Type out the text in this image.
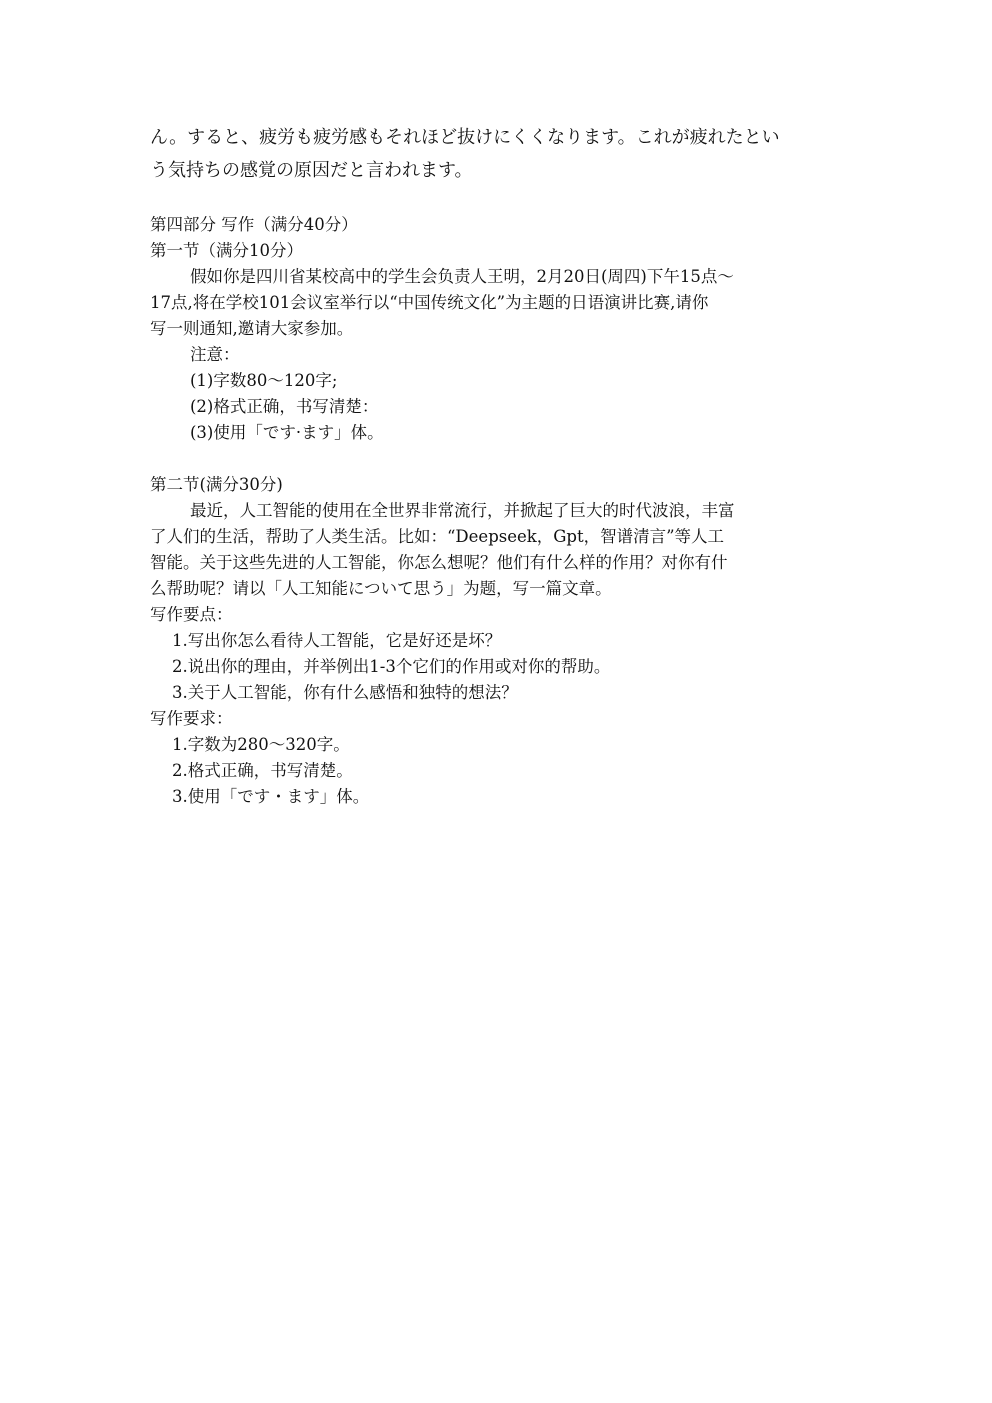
ん。すると、疲労も疲労感もそれほど抜けにくくなります。これが疲れたとい

う気持ちの感覚の原因だと言われます。

第四部分 写作（满分40分）

第一节（满分10分）

假如你是四川省某校高中的学生会负责人王明，2月20日(周四)下午15点～

17点,将在学校101会议室举行以“中国传统文化”为主题的日语演讲比赛,请你

写一则通知,邀请大家参加。

注意：

(1)字数80～120字;

(2)格式正确，书写清楚：

(3)使用「です·ます」体。

第二节(满分30分)

最近，人工智能的使用在全世界非常流行，并掀起了巨大的时代波浪，丰富

了人们的生活，帮助了人类生活。比如：“Deepseek，Gpt，智谱清言”等人工

智能。关于这些先进的人工智能，你怎么想呢？他们有什么样的作用？对你有什

么帮助呢？请以「人工知能について思う」为题，写一篇文章。

写作要点：

1.写出你怎么看待人工智能，它是好还是坏？

2.说出你的理由，并举例出1-3个它们的作用或对你的帮助。

3.关于人工智能，你有什么感悟和独特的想法？

写作要求：

1.字数为280～320字。

2.格式正确，书写清楚。

3.使用「です・ます」体。
